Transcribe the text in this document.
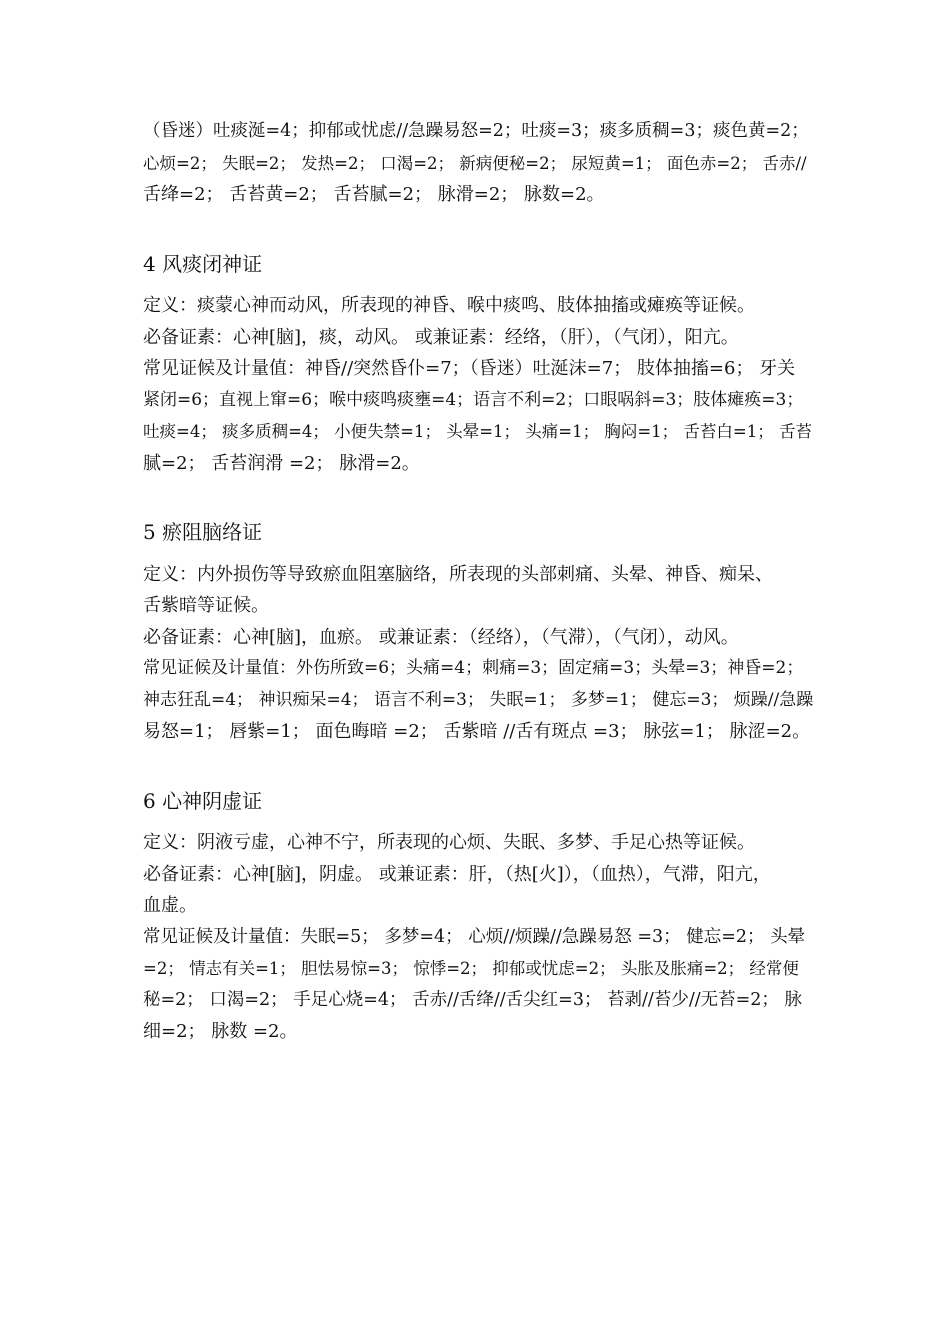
（昏迷）吐痰涎=4；抑郁或忧虑//急躁易怒=2；吐痰=3；痰多质稠=3；痰色黄=2；
心烦=2； 失眠=2； 发热=2； 口渴=2； 新病便秘=2； 尿短黄=1； 面色赤=2； 舌赤//
舌绛=2； 舌苔黄=2； 舌苔腻=2； 脉滑=2； 脉数=2。
4 风痰闭神证
定义：痰蒙心神而动风，所表现的神昏、喉中痰鸣、肢体抽搐或瘫痪等证候。
必备证素：心神[脑]，痰，动风。 或兼证素：经络，（肝），（气闭），阳亢。
常见证候及计量值：神昏//突然昏仆=7；（昏迷）吐涎沫=7； 肢体抽搐=6； 牙关
紧闭=6；直视上窜=6；喉中痰鸣痰壅=4；语言不利=2；口眼㖞斜=3；肢体瘫痪=3；
吐痰=4； 痰多质稠=4； 小便失禁=1； 头晕=1； 头痛=1； 胸闷=1； 舌苔白=1； 舌苔
腻=2； 舌苔润滑 =2； 脉滑=2。
5 瘀阻脑络证
定义：内外损伤等导致瘀血阻塞脑络，所表现的头部刺痛、头晕、神昏、痴呆、
舌紫暗等证候。
必备证素：心神[脑]，血瘀。 或兼证素：（经络），（气滞），（气闭），动风。
常见证候及计量值：外伤所致=6；头痛=4；刺痛=3；固定痛=3；头晕=3；神昏=2；
神志狂乱=4； 神识痴呆=4； 语言不利=3； 失眠=1； 多梦=1； 健忘=3； 烦躁//急躁
易怒=1； 唇紫=1； 面色晦暗 =2； 舌紫暗 //舌有斑点 =3； 脉弦=1； 脉涩=2。
6 心神阴虚证
定义：阴液亏虚，心神不宁，所表现的心烦、失眠、多梦、手足心热等证候。
必备证素：心神[脑]，阴虚。 或兼证素：肝，（热[火]），（血热），气滞，阳亢，
血虚。
常见证候及计量值：失眠=5； 多梦=4； 心烦//烦躁//急躁易怒 =3； 健忘=2； 头晕
=2； 情志有关=1； 胆怯易惊=3； 惊悸=2； 抑郁或忧虑=2； 头胀及胀痛=2； 经常便
秘=2； 口渴=2； 手足心烧=4； 舌赤//舌绛//舌尖红=3； 苔剥//苔少//无苔=2； 脉
细=2； 脉数 =2。
